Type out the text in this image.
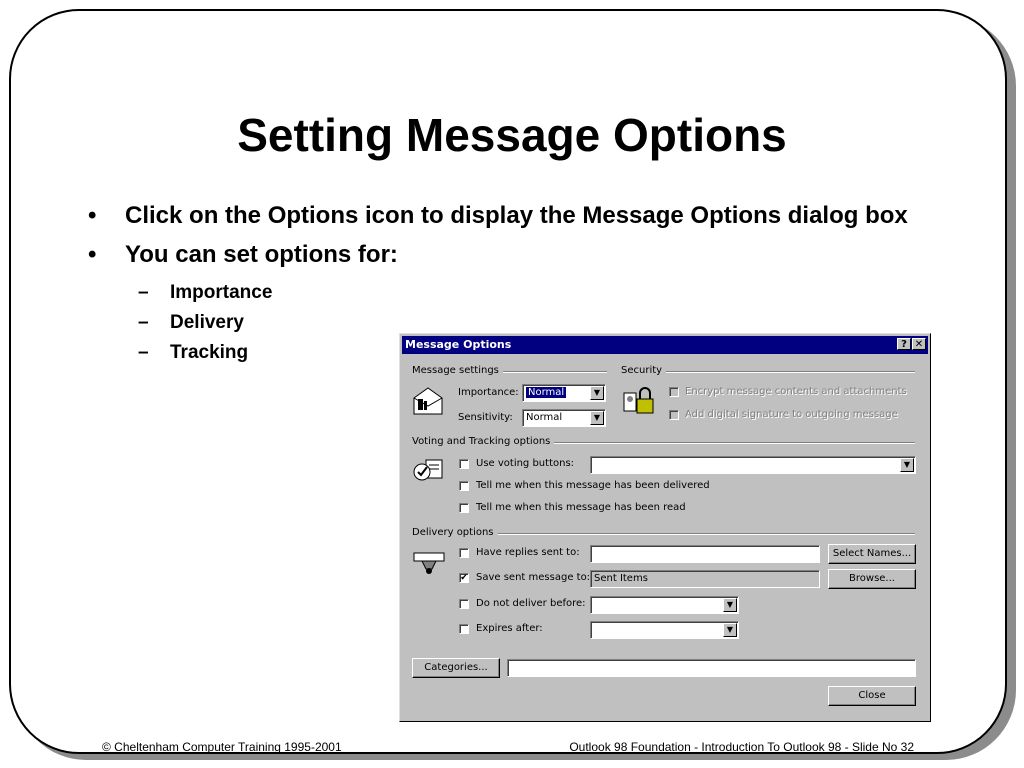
Setting Message Options
• Click on the Options icon to display the Message Options dialog box
• You can set options for:
– Importance
– Delivery
– Tracking	Message Options	? ✕
Message settings
Importance: Normal	▼
Sensitivity:	Normal	▼
Security
Encrypt message contents and attachments
Add digital signature to outgoing message
Voting and Tracking options
Use voting buttons:	▼
Tell me when this message has been delivered
Tell me when this message has been read
Delivery options
Have replies sent to:	Select Names...
✔ Save sent message to: Sent Items	Browse...
Do not deliver before:	▼
Expires after:	▼
Categories...
Close
© Cheltenham Computer Training 1995-2001	Outlook 98 Foundation - Introduction To Outlook 98 - Slide No 32
